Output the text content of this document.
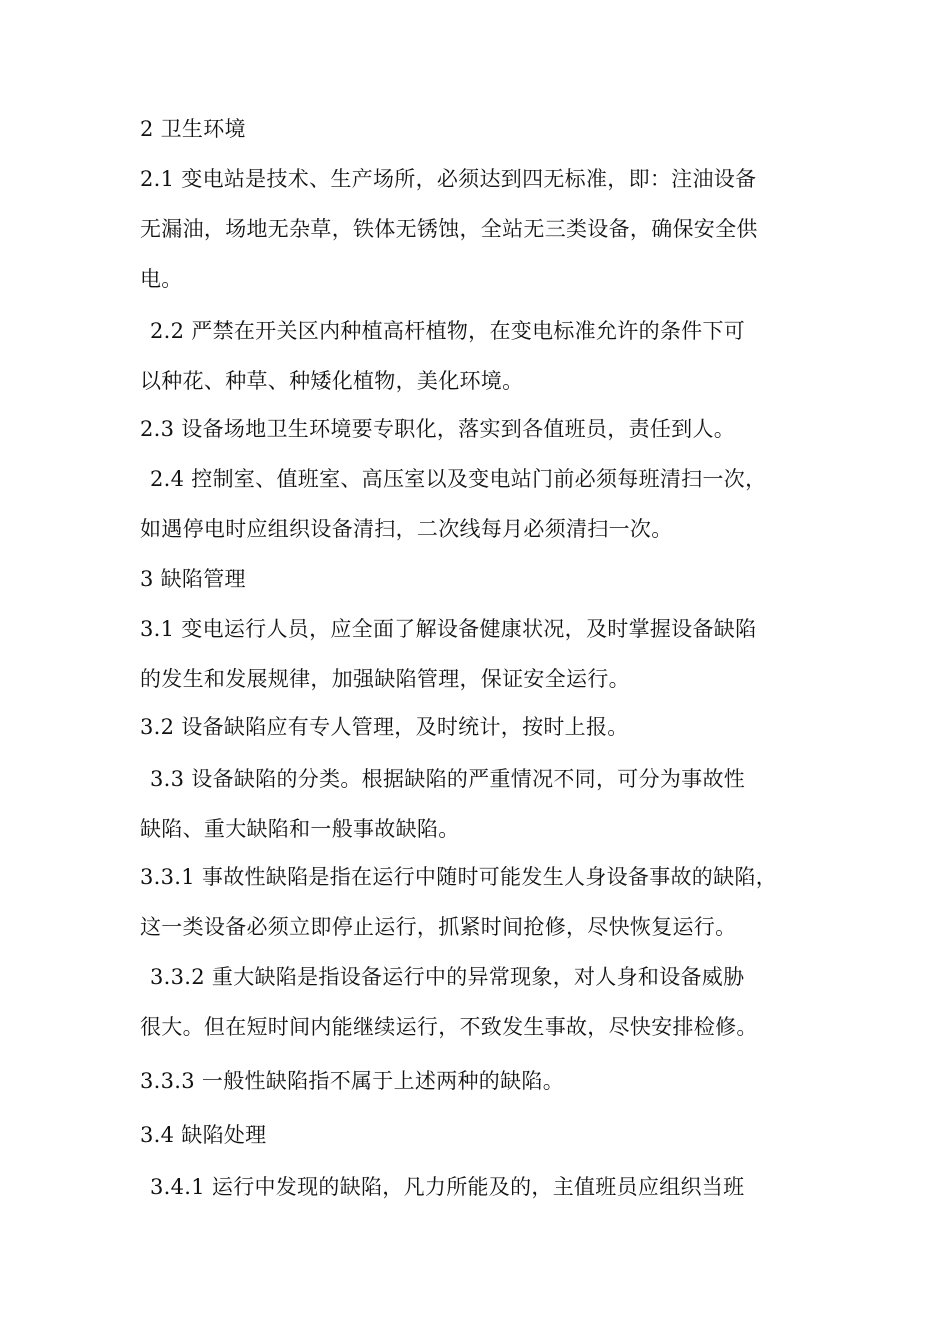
2 卫生环境
2.1 变电站是技术、生产场所，必须达到四无标准，即：注油设备
无漏油，场地无杂草，铁体无锈蚀，全站无三类设备，确保安全供
电。
2.2 严禁在开关区内种植高杆植物，在变电标准允许的条件下可
以种花、种草、种矮化植物，美化环境。
2.3 设备场地卫生环境要专职化，落实到各值班员，责任到人。
2.4 控制室、值班室、高压室以及变电站门前必须每班清扫一次，
如遇停电时应组织设备清扫，二次线每月必须清扫一次。
3 缺陷管理
3.1 变电运行人员，应全面了解设备健康状况，及时掌握设备缺陷
的发生和发展规律，加强缺陷管理，保证安全运行。
3.2 设备缺陷应有专人管理，及时统计，按时上报。
3.3 设备缺陷的分类。根据缺陷的严重情况不同，可分为事故性
缺陷、重大缺陷和一般事故缺陷。
3.3.1 事故性缺陷是指在运行中随时可能发生人身设备事故的缺陷，
这一类设备必须立即停止运行，抓紧时间抢修，尽快恢复运行。
3.3.2 重大缺陷是指设备运行中的异常现象，对人身和设备威胁
很大。但在短时间内能继续运行，不致发生事故，尽快安排检修。
3.3.3 一般性缺陷指不属于上述两种的缺陷。
3.4 缺陷处理
3.4.1 运行中发现的缺陷，凡力所能及的，主值班员应组织当班
